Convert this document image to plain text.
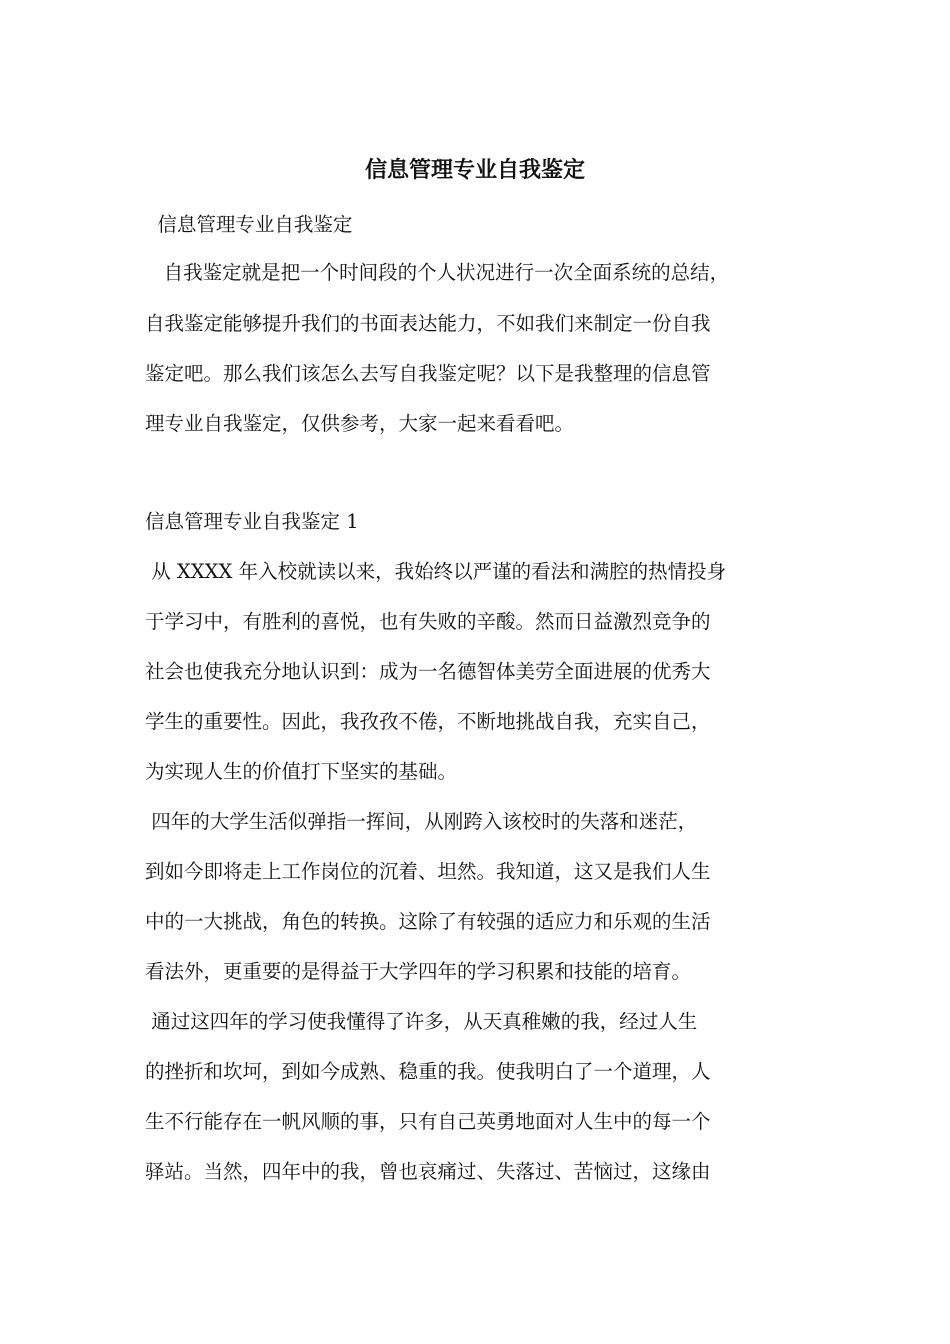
信息管理专业自我鉴定
信息管理专业自我鉴定
自我鉴定就是把一个时间段的个人状况进行一次全面系统的总结，
自我鉴定能够提升我们的书面表达能力，不如我们来制定一份自我
鉴定吧。那么我们该怎么去写自我鉴定呢？以下是我整理的信息管
理专业自我鉴定，仅供参考，大家一起来看看吧。
信息管理专业自我鉴定 1
从 XXXX 年入校就读以来，我始终以严谨的看法和满腔的热情投身
于学习中，有胜利的喜悦，也有失败的辛酸。然而日益激烈竞争的
社会也使我充分地认识到：成为一名德智体美劳全面进展的优秀大
学生的重要性。因此，我孜孜不倦，不断地挑战自我，充实自己，
为实现人生的价值打下坚实的基础。
四年的大学生活似弹指一挥间，从刚跨入该校时的失落和迷茫，
到如今即将走上工作岗位的沉着、坦然。我知道，这又是我们人生
中的一大挑战，角色的转换。这除了有较强的适应力和乐观的生活
看法外，更重要的是得益于大学四年的学习积累和技能的培育。
通过这四年的学习使我懂得了许多，从天真稚嫩的我，经过人生
的挫折和坎坷，到如今成熟、稳重的我。使我明白了一个道理，人
生不行能存在一帆风顺的事，只有自己英勇地面对人生中的每一个
驿站。当然，四年中的我，曾也哀痛过、失落过、苦恼过，这缘由
